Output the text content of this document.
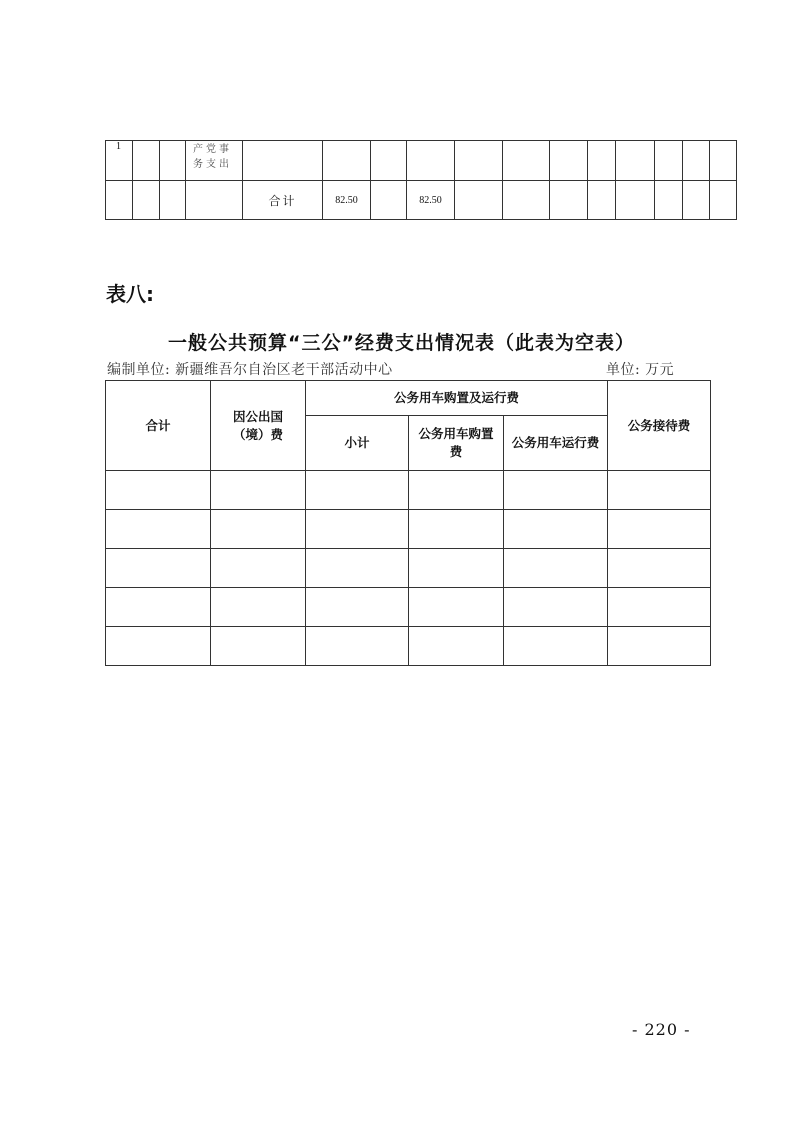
1			产党事务支出												

				合计	82.50		82.50								
表八:
一般公共预算“三公”经费支出情况表（此表为空表）
编制单位: 新疆维吾尔自治区老干部活动中心	单位: 万元
合计	因公出国（境）费	公务用车购置及运行费			公务接待费
		小计	公务用车购置费	公务用车运行费	

- 220 -
